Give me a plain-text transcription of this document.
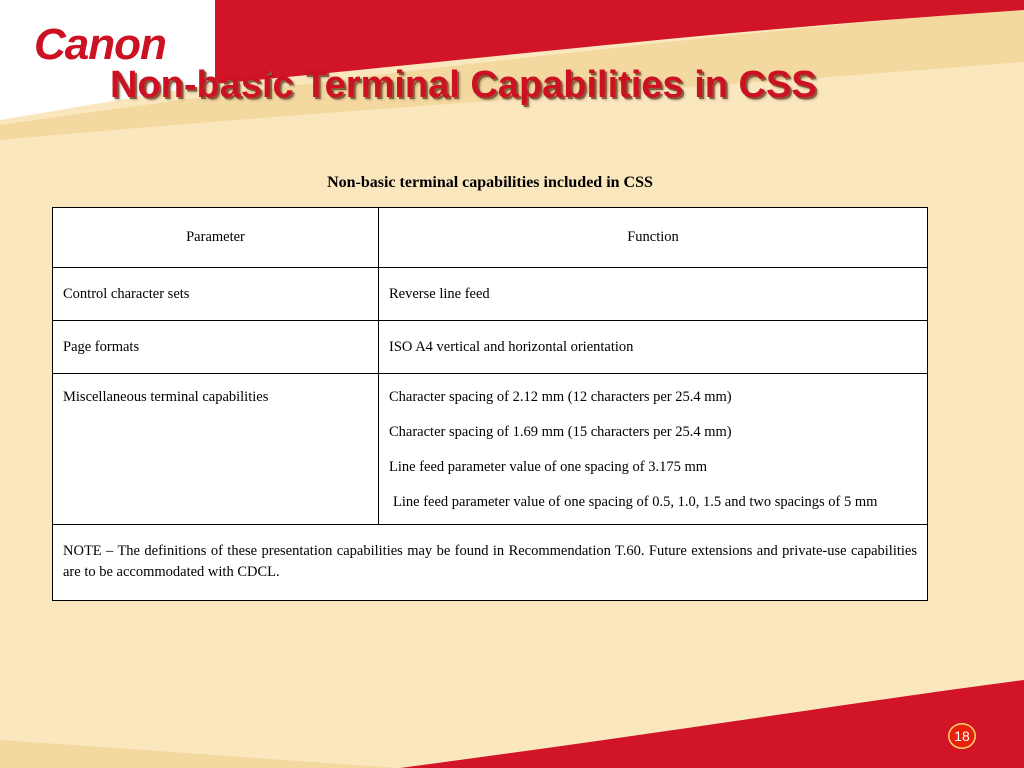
Canon
Non-basic Terminal Capabilities in CSS
Non-basic terminal capabilities included in CSS
Parameter	Function
Control character sets	Reverse line feed
Page formats	ISO A4 vertical and horizontal orientation
Miscellaneous terminal capabilities	Character spacing of 2.12 mm (12 characters per 25.4 mm)
Character spacing of 1.69 mm (15 characters per 25.4 mm)
Line feed parameter value of one spacing of 3.175 mm
Line feed parameter value of one spacing of 0.5, 1.0, 1.5 and two spacings of 5 mm

NOTE – The definitions of these presentation capabilities may be found in Recommendation T.60. Future extensions and private-use capabilities are to be accommodated with CDCL.	
18
